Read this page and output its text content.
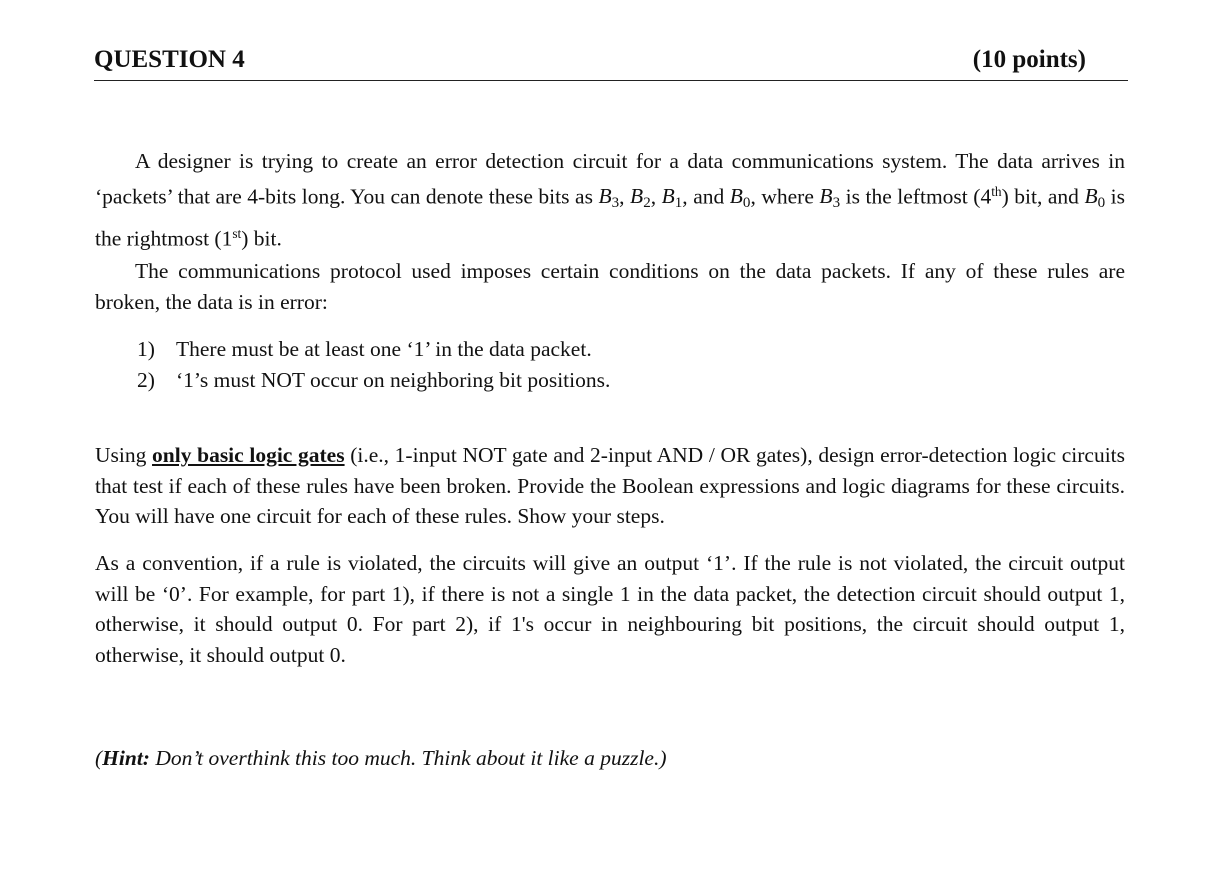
QUESTION 4	(10 points)
A designer is trying to create an error detection circuit for a data communications system. The data arrives in ‘packets’ that are 4-bits long. You can denote these bits as $B_3$, $B_2$, $B_1$, and $B_0$, where $B_3$ is the leftmost (4th) bit, and $B_0$ is the rightmost (1st) bit.
The communications protocol used imposes certain conditions on the data packets. If any of these rules are broken, the data is in error:
1) There must be at least one ‘1’ in the data packet.
2) ‘1’s must NOT occur on neighboring bit positions.
Using only basic logic gates (i.e., 1-input NOT gate and 2-input AND / OR gates), design error-detection logic circuits that test if each of these rules have been broken. Provide the Boolean expressions and logic diagrams for these circuits. You will have one circuit for each of these rules. Show your steps.
As a convention, if a rule is violated, the circuits will give an output ‘1’. If the rule is not violated, the circuit output will be ‘0’. For example, for part 1), if there is not a single 1 in the data packet, the detection circuit should output 1, otherwise, it should output 0. For part 2), if 1's occur in neighbouring bit positions, the circuit should output 1, otherwise, it should output 0.
(Hint: Don’t overthink this too much. Think about it like a puzzle.)
